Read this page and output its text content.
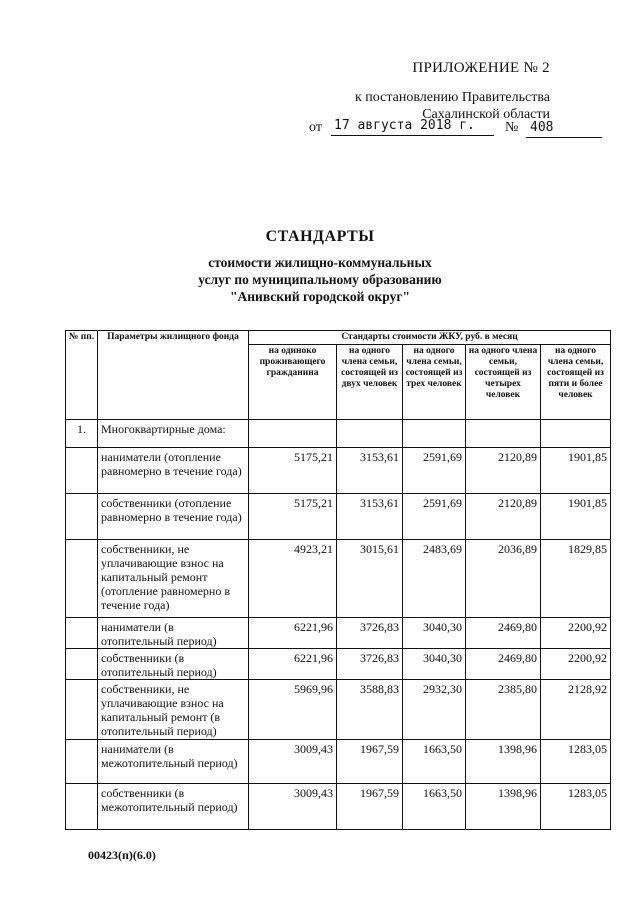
ПРИЛОЖЕНИЕ № 2
к постановлению Правительства
Сахалинской области
от 17 августа 2018 г.	№ 408
СТАНДАРТЫ
стоимости жилищно-коммунальных
услуг по муниципальному образованию
"Анивский городской округ"
№ пп.	Параметры жилищного фонда	Стандарты стоимости ЖКУ, руб. в месяц				
		на одиноко проживающего гражданина	на одного члена семьи, состоящей из двух человек	на одного члена семьи, состоящей из трех человек	на одного члена семьи, состоящей из четырех человек	на одного члена семьи, состоящей из пяти и более человек
1.	Многоквартирные дома:					
	наниматели (отопление равномерно в течение года)	5175,21	3153,61	2591,69	2120,89	1901,85
	собственники (отопление равномерно в течение года)	5175,21	3153,61	2591,69	2120,89	1901,85
	собственники, не уплачивающие взнос на капитальный ремонт (отопление равномерно в течение года)	4923,21	3015,61	2483,69	2036,89	1829,85
	наниматели (в отопительный период)	6221,96	3726,83	3040,30	2469,80	2200,92
	собственники (в отопительный период)	6221,96	3726,83	3040,30	2469,80	2200,92
	собственники, не уплачивающие взнос на капитальный ремонт (в отопительный период)	5969,96	3588,83	2932,30	2385,80	2128,92
	наниматели (в межотопительный период)	3009,43	1967,59	1663,50	1398,96	1283,05
	собственники (в межотопительный период)	3009,43	1967,59	1663,50	1398,96	1283,05
00423(п)(6.0)
